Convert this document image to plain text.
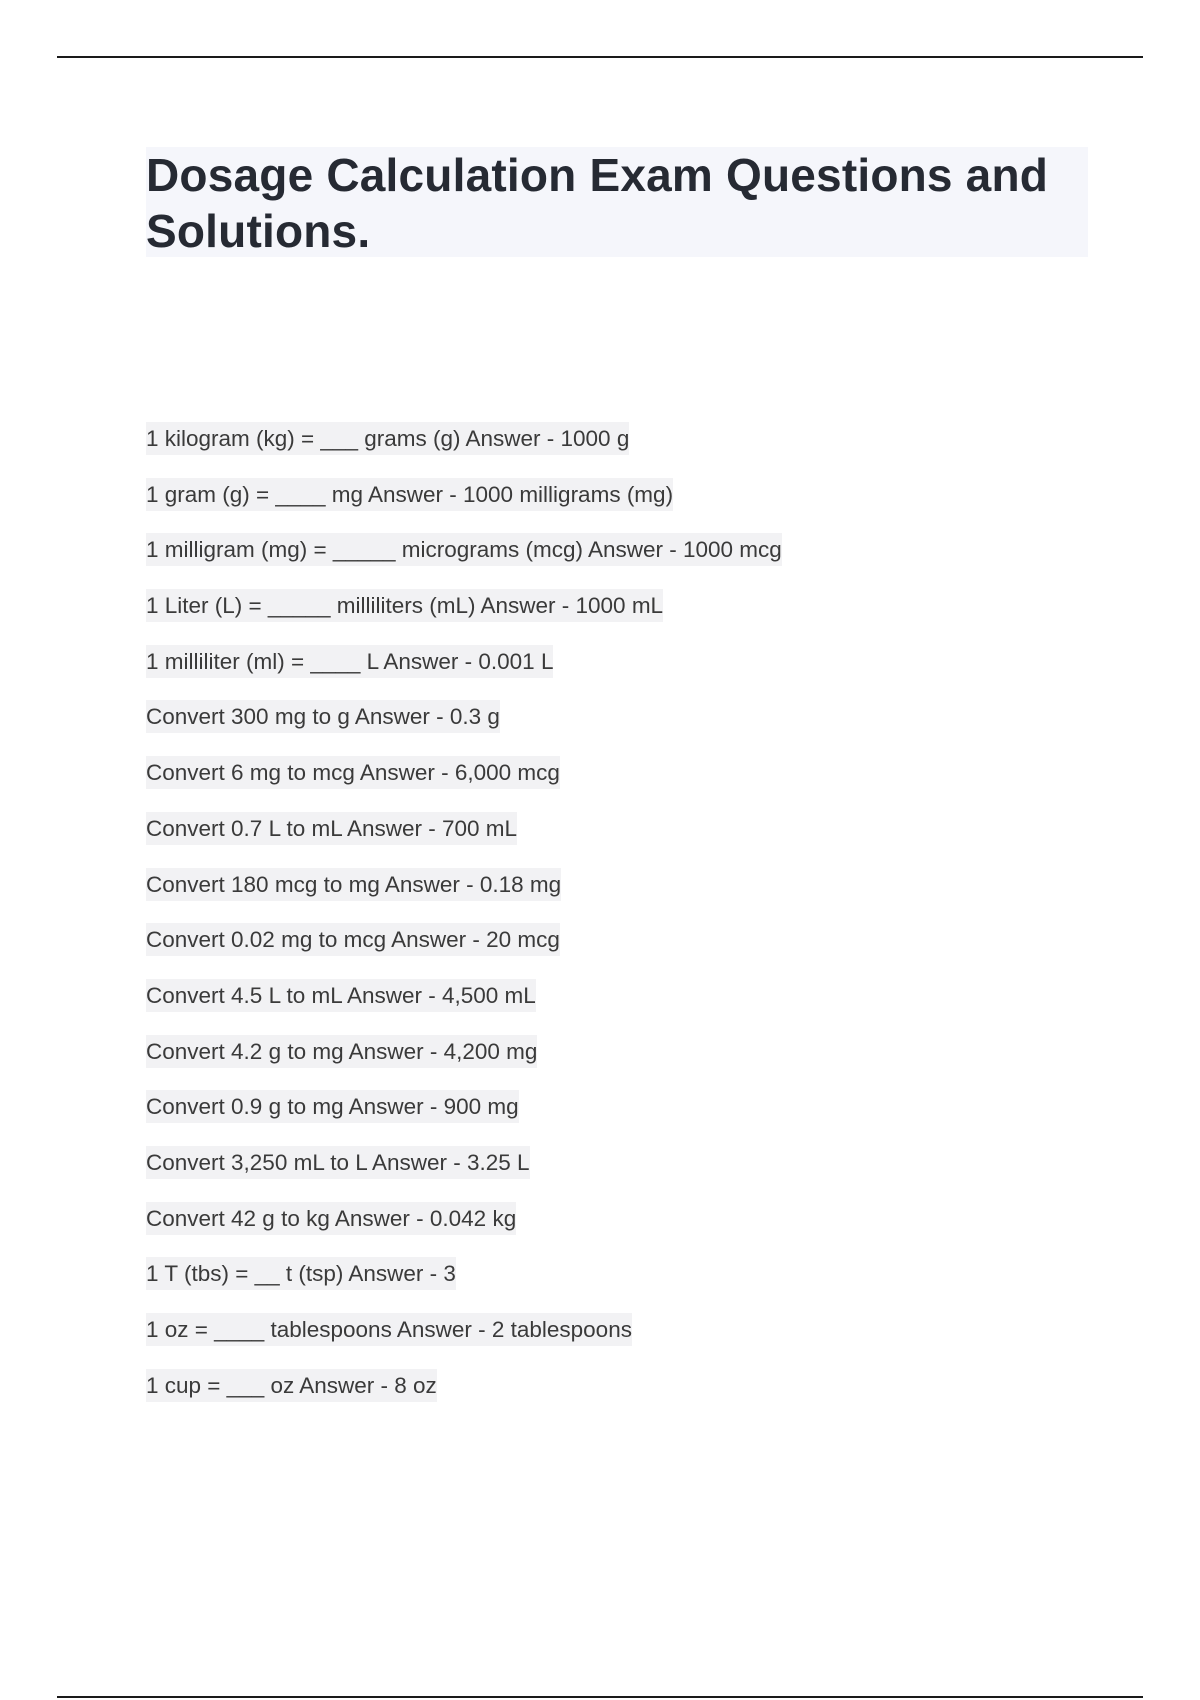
Dosage Calculation Exam Questions and Solutions.
1 kilogram (kg) = ___ grams (g) Answer - 1000 g
1 gram (g) = ____ mg Answer - 1000 milligrams (mg)
1 milligram (mg) = _____ micrograms (mcg) Answer - 1000 mcg
1 Liter (L) = _____ milliliters (mL) Answer - 1000 mL
1 milliliter (ml) = ____ L Answer - 0.001 L
Convert 300 mg to g Answer - 0.3 g
Convert 6 mg to mcg Answer - 6,000 mcg
Convert 0.7 L to mL Answer - 700 mL
Convert 180 mcg to mg Answer - 0.18 mg
Convert 0.02 mg to mcg Answer - 20 mcg
Convert 4.5 L to mL Answer - 4,500 mL
Convert 4.2 g to mg Answer - 4,200 mg
Convert 0.9 g to mg Answer - 900 mg
Convert 3,250 mL to L Answer - 3.25 L
Convert 42 g to kg Answer - 0.042 kg
1 T (tbs) = __ t (tsp) Answer - 3
1 oz = ____ tablespoons Answer - 2 tablespoons
1 cup = ___ oz Answer - 8 oz
